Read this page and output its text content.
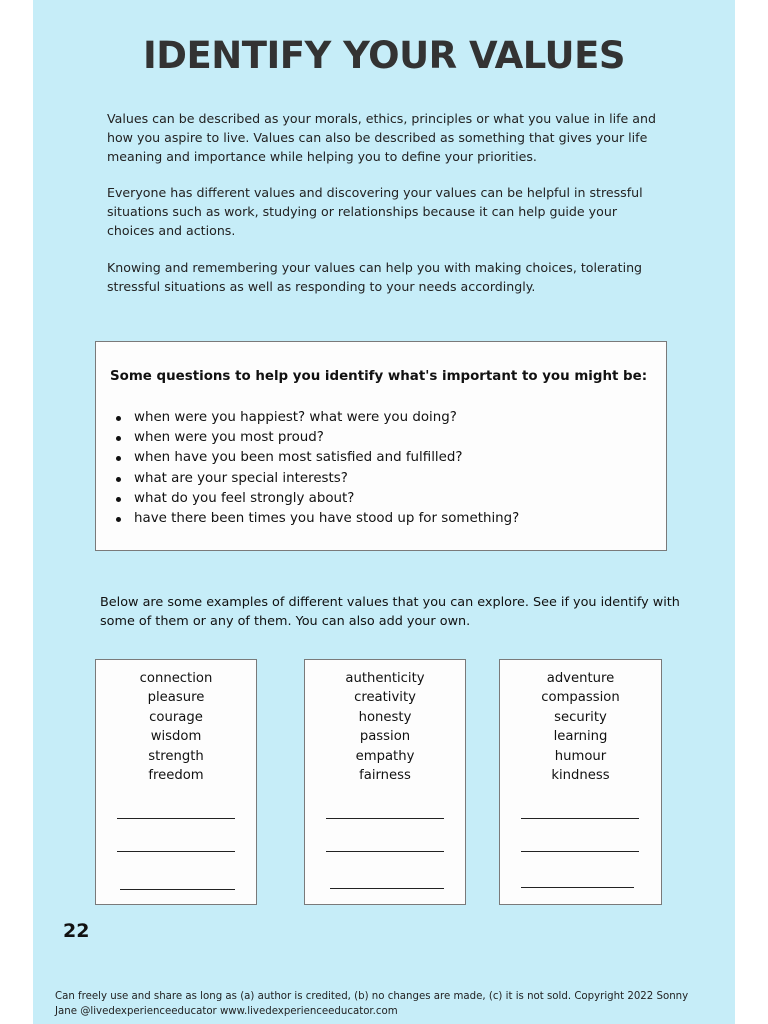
IDENTIFY YOUR VALUES

Values can be described as your morals, ethics, principles or what you value in life and how you aspire to live. Values can also be described as something that gives your life meaning and importance while helping you to define your priorities.

Everyone has different values and discovering your values can be helpful in stressful situations such as work, studying or relationships because it can help guide your choices and actions.

Knowing and remembering your values can help you with making choices, tolerating stressful situations as well as responding to your needs accordingly.

Some questions to help you identify what's important to you might be:

when were you happiest? what were you doing?
when were you most proud?
when have you been most satisfied and fulfilled?
what are your special interests?
what do you feel strongly about?
have there been times you have stood up for something?

Below are some examples of different values that you can explore. See if you identify with some of them or any of them. You can also add your own.

connection
pleasure
courage
wisdom
strength
freedom
authenticity
creativity
honesty
passion
empathy
fairness
adventure
compassion
security
learning
humour
kindness

22

Can freely use and share as long as (a) author is credited, (b) no changes are made, (c) it is not sold. Copyright 2022 Sonny Jane @livedexperienceeducator www.livedexperienceeducator.com
